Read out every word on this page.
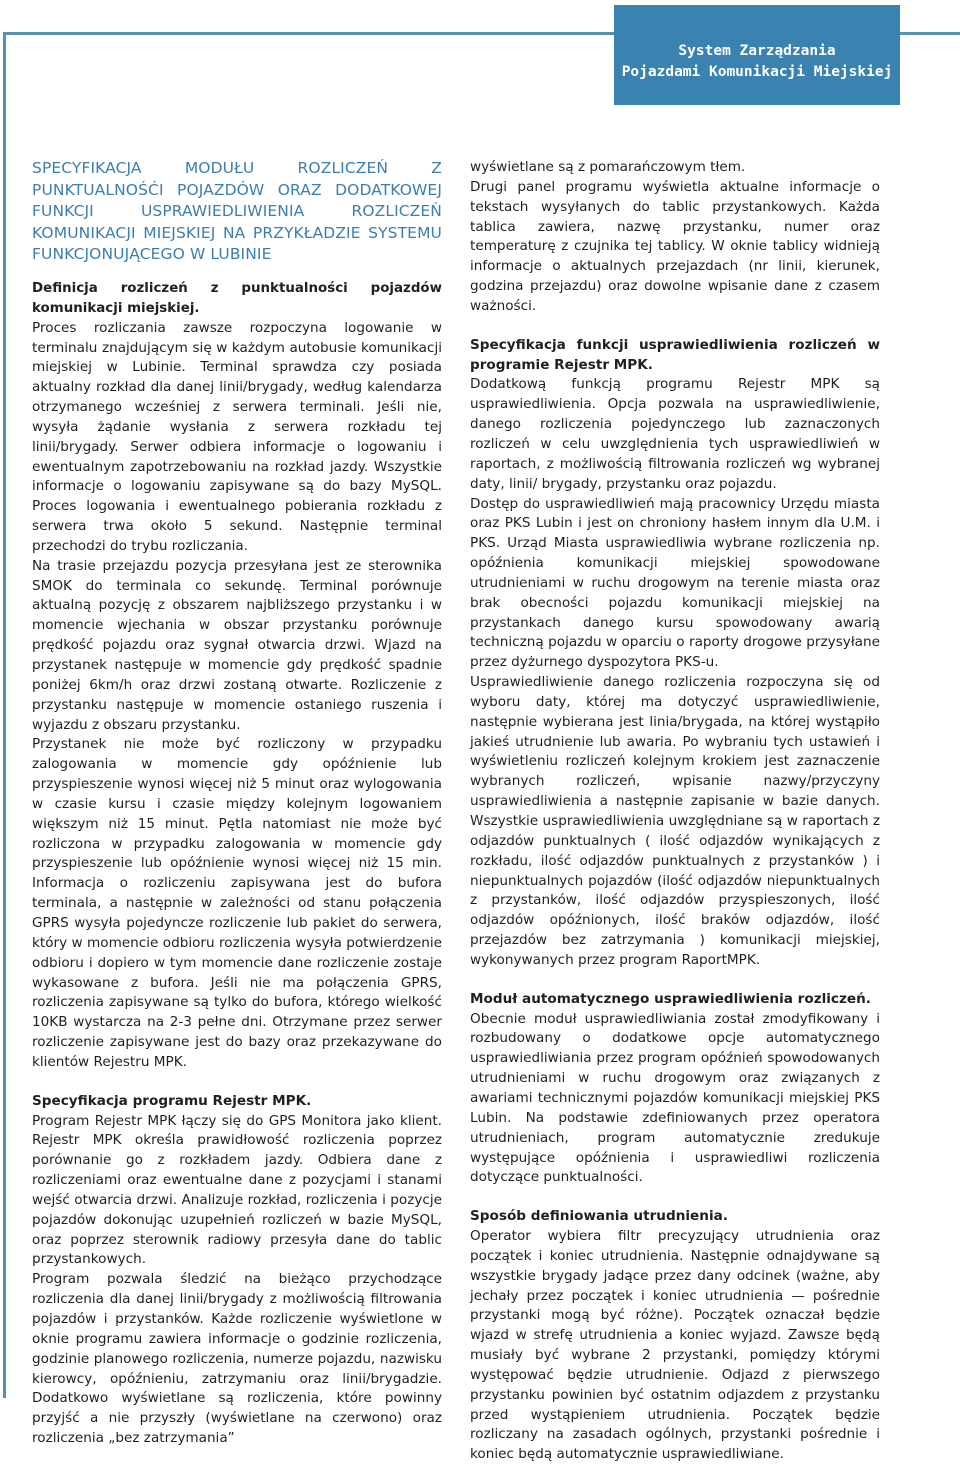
System Zarządzania
Pojazdami Komunikacji Miejskiej
SPECYFIKACJA MODUŁU ROZLICZEŃ Z PUNKTUALNOŚĆI POJAZDÓW ORAZ DODATKOWEJ FUNKCJI USPRAWIEDLIWIENIA ROZLICZEŃ KOMUNIKACJI MIEJSKIEJ NA PRZYKŁADZIE SYSTEMU FUNKCJONUJĄCEGO W LUBINIE
Definicja rozliczeń z punktualności pojazdów komunikacji miejskiej.

Proces rozliczania zawsze rozpoczyna logowanie w terminalu znajdującym się w każdym autobusie komunikacji miejskiej w Lubinie. Terminal sprawdza czy posiada aktualny rozkład dla danej linii/brygady, według kalendarza otrzymanego wcześniej z serwera terminali. Jeśli nie, wysyła żądanie wysłania z serwera rozkładu tej linii/brygady. Serwer odbiera informacje o logowaniu i ewentualnym zapotrzebowaniu na rozkład jazdy. Wszystkie informacje o logowaniu zapisywane są do bazy MySQL. Proces logowania i ewentualnego pobierania rozkładu z serwera trwa około 5 sekund. Następnie terminal przechodzi do trybu rozliczania.

Na trasie przejazdu pozycja przesyłana jest ze sterownika SMOK do terminala co sekundę. Terminal porównuje aktualną pozycję z obszarem najbliższego przystanku i w momencie wjechania w obszar przystanku porównuje prędkość pojazdu oraz sygnał otwarcia drzwi. Wjazd na przystanek następuje w momencie gdy prędkość spadnie poniżej 6km/h oraz drzwi zostaną otwarte. Rozliczenie z przystanku następuje w momencie ostaniego ruszenia i wyjazdu z obszaru przystanku.

Przystanek nie może być rozliczony w przypadku zalogowania w momencie gdy opóźnienie lub przyspieszenie wynosi więcej niż 5 minut oraz wylogowania w czasie kursu i czasie między kolejnym logowaniem większym niż 15 minut. Pętla natomiast nie może być rozliczona w przypadku zalogowania w momencie gdy przyspieszenie lub opóźnienie wynosi więcej niż 15 min. Informacja o rozliczeniu zapisywana jest do bufora terminala, a następnie w zależności od stanu połączenia GPRS wysyła pojedyncze rozliczenie lub pakiet do serwera, który w momencie odbioru rozliczenia wysyła potwierdzenie odbioru i dopiero w tym momencie dane rozliczenie zostaje wykasowane z bufora. Jeśli nie ma połączenia GPRS, rozliczenia zapisywane są tylko do bufora, którego wielkość 10KB wystarcza na 2-3 pełne dni. Otrzymane przez serwer rozliczenie zapisywane jest do bazy oraz przekazywane do klientów Rejestru MPK.

Specyfikacja programu Rejestr MPK.

Program Rejestr MPK łączy się do GPS Monitora jako klient. Rejestr MPK określa prawidłowość rozliczenia poprzez porównanie go z rozkładem jazdy. Odbiera dane z rozliczeniami oraz ewentualne dane z pozycjami i stanami wejść otwarcia drzwi. Analizuje rozkład, rozliczenia i pozycje pojazdów dokonując uzupełnień rozliczeń w bazie MySQL, oraz poprzez sterownik radiowy przesyła dane do tablic przystankowych.

Program pozwala śledzić na bieżąco przychodzące rozliczenia dla danej linii/brygady z możliwością filtrowania pojazdów i przystanków. Każde rozliczenie wyświetlone w oknie programu zawiera informacje o godzinie rozliczenia, godzinie planowego rozliczenia, numerze pojazdu, nazwisku kierowcy, opóźnieniu, zatrzymaniu oraz linii/brygadzie. Dodatkowo wyświetlane są rozliczenia, które powinny przyjść a nie przyszły (wyświetlane na czerwono) oraz rozliczenia „bez zatrzymania”

wyświetlane są z pomarańczowym tłem.

Drugi panel programu wyświetla aktualne informacje o tekstach wysyłanych do tablic przystankowych. Każda tablica zawiera, nazwę przystanku, numer oraz temperaturę z czujnika tej tablicy. W oknie tablicy widnieją informacje o aktualnych przejazdach (nr linii, kierunek, godzina przejazdu) oraz dowolne wpisanie dane z czasem ważności.

Specyfikacja funkcji usprawiedliwienia rozliczeń w programie Rejestr MPK.

Dodatkową funkcją programu Rejestr MPK są usprawiedliwienia. Opcja pozwala na usprawiedliwienie, danego rozliczenia pojedynczego lub zaznaczonych rozliczeń w celu uwzględnienia tych usprawiedliwień w raportach, z możliwością filtrowania rozliczeń wg wybranej daty, linii/ brygady, przystanku oraz pojazdu.

Dostęp do usprawiedliwień mają pracownicy Urzędu miasta oraz PKS Lubin i jest on chroniony hasłem innym dla U.M. i PKS. Urząd Miasta usprawiedliwia wybrane rozliczenia np. opóźnienia komunikacji miejskiej spowodowane utrudnieniami w ruchu drogowym na terenie miasta oraz brak obecności pojazdu komunikacji miejskiej na przystankach danego kursu spowodowany awarią techniczną pojazdu w oparciu o raporty drogowe przysyłane przez dyżurnego dyspozytora PKS-u.

Usprawiedliwienie danego rozliczenia rozpoczyna się od wyboru daty, której ma dotyczyć usprawiedliwienie, następnie wybierana jest linia/brygada, na której wystąpiło jakieś utrudnienie lub awaria. Po wybraniu tych ustawień i wyświetleniu rozliczeń kolejnym krokiem jest zaznaczenie wybranych rozliczeń, wpisanie nazwy/przyczyny usprawiedliwienia a następnie zapisanie w bazie danych. Wszystkie usprawiedliwienia uwzględniane są w raportach z odjazdów punktualnych ( ilość odjazdów wynikających z rozkładu, ilość odjazdów punktualnych z przystanków ) i niepunktualnych pojazdów (ilość odjazdów niepunktualnych z przystanków, ilość odjazdów przyspieszonych, ilość odjazdów opóźnionych, ilość braków odjazdów, ilość przejazdów bez zatrzymania ) komunikacji miejskiej, wykonywanych przez program RaportMPK.

Moduł automatycznego usprawiedliwienia rozliczeń.

Obecnie moduł usprawiedliwiania został zmodyfikowany i rozbudowany o dodatkowe opcje automatycznego usprawiedliwiania przez program opóźnień spowodowanych utrudnieniami w ruchu drogowym oraz związanych z awariami technicznymi pojazdów komunikacji miejskiej PKS Lubin. Na podstawie zdefiniowanych przez operatora utrudnieniach, program automatycznie zredukuje występujące opóźnienia i usprawiedliwi rozliczenia dotyczące punktualności.

Sposób definiowania utrudnienia.

Operator wybiera filtr precyzujący utrudnienia oraz początek i koniec utrudnienia. Następnie odnajdywane są wszystkie brygady jadące przez dany odcinek (ważne, aby jechały przez początek i koniec utrudnienia — pośrednie przystanki mogą być różne). Początek oznaczał będzie wjazd w strefę utrudnienia a koniec wyjazd. Zawsze będą musiały być wybrane 2 przystanki, pomiędzy którymi występować będzie utrudnienie. Odjazd z pierwszego przystanku powinien być ostatnim odjazdem z przystanku przed wystąpieniem utrudnienia. Początek będzie rozliczany na zasadach ogólnych, przystanki pośrednie i koniec będą automatycznie usprawiedliwiane.
